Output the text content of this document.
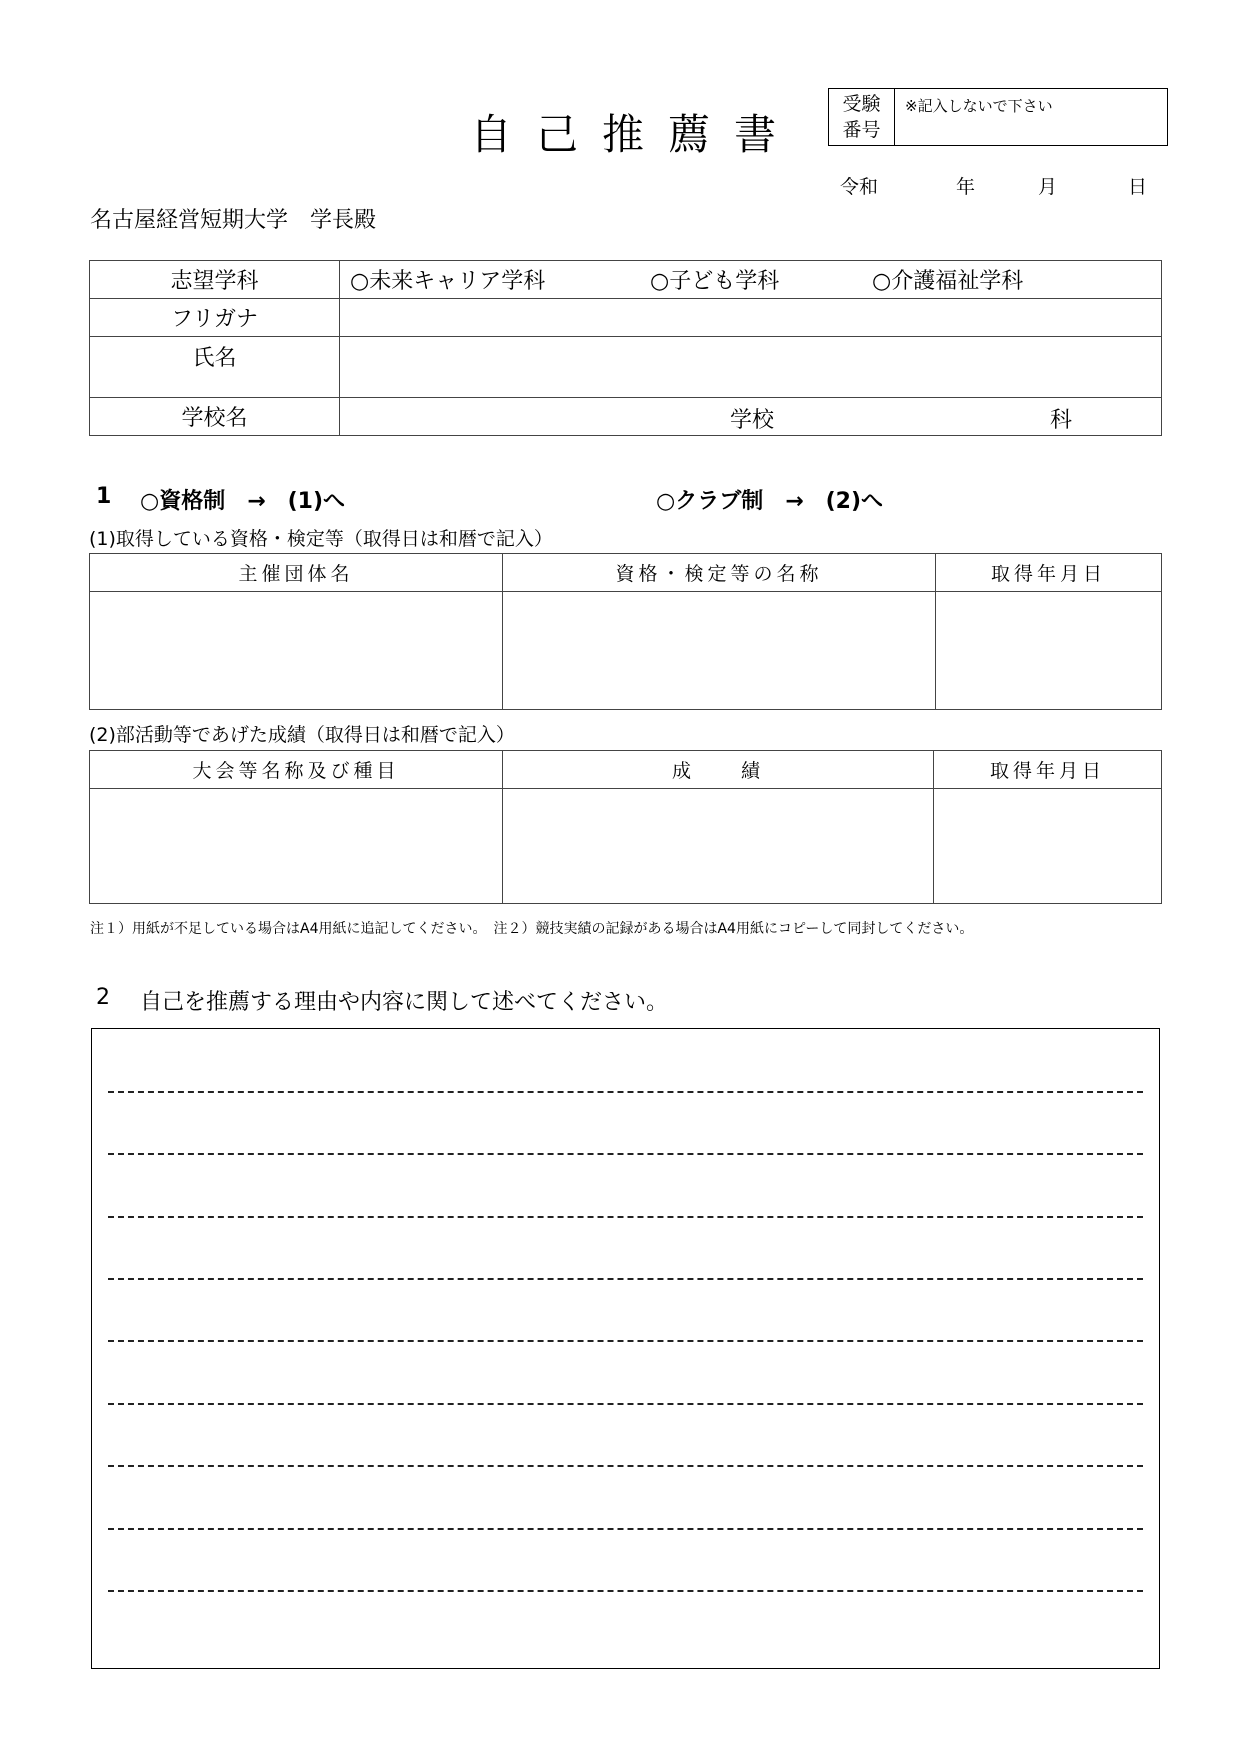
自己推薦書
受験
番号
※記入しないで下さい
令和	年	月	日
名古屋経営短期大学　学長殿
志望学科	○未来キャリア学科 ○子ども学科 ○介護福祉学科
フリガナ	
氏名	
学校名	学校 科
1 ○資格制　→　(1)へ	○クラブ制　→　(2)へ
(1)取得している資格・検定等（取得日は和暦で記入）
主催団体名	資格・検定等の名称	取得年月日

(2)部活動等であげた成績（取得日は和暦で記入）
大会等名称及び種目	成　　績	取得年月日

注１）用紙が不足している場合はA4用紙に追記してください。　注２）競技実績の記録がある場合はA4用紙にコピーして同封してください。
2 自己を推薦する理由や内容に関して述べてください。
